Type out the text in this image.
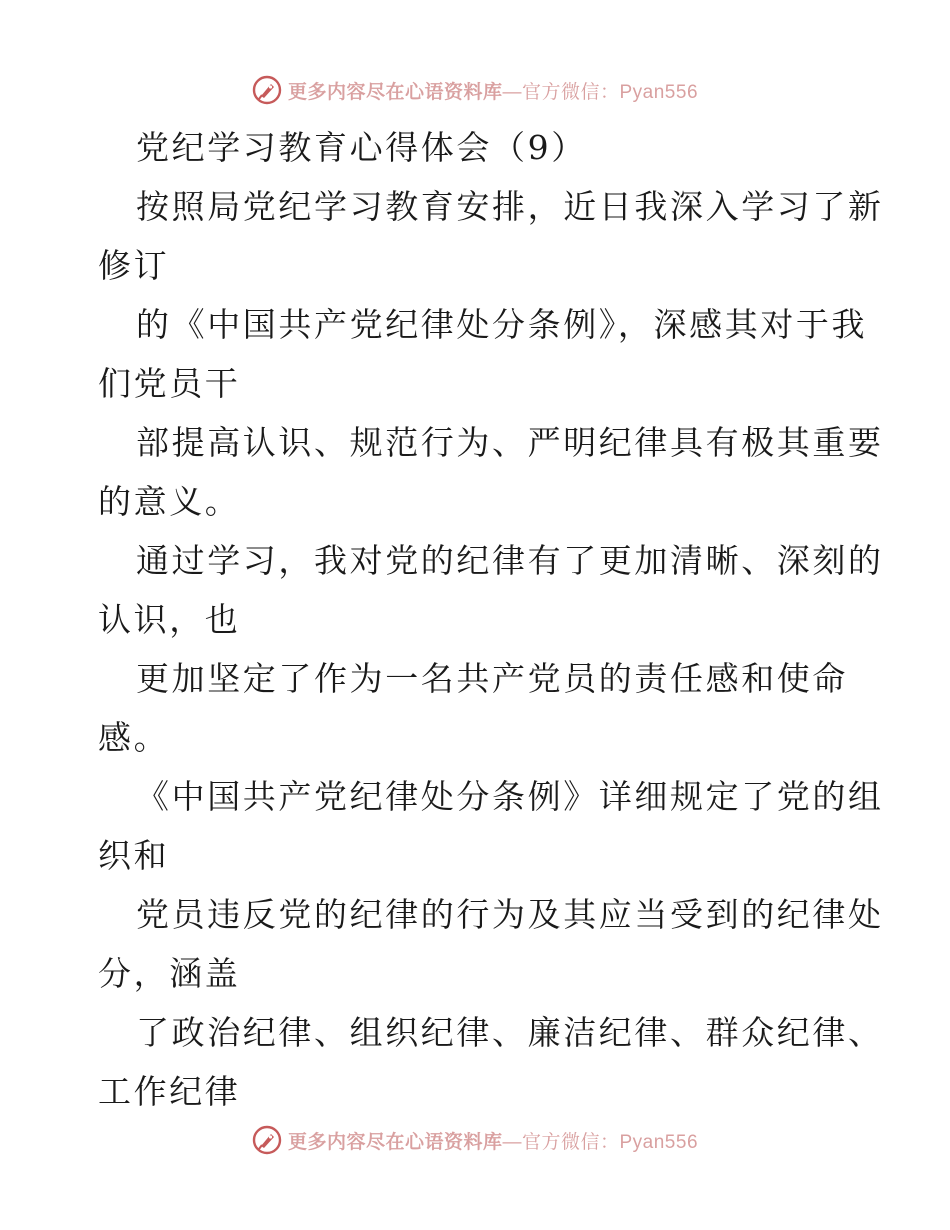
更多内容尽在心语资料库—官方微信：Pyan556
党纪学习教育心得体会（9）
按照局党纪学习教育安排，近日我深入学习了新
修订
的《中国共产党纪律处分条例》，深感其对于我
们党员干
部提高认识、规范行为、严明纪律具有极其重要
的意义。
通过学习，我对党的纪律有了更加清晰、深刻的
认识，也
更加坚定了作为一名共产党员的责任感和使命
感。
《中国共产党纪律处分条例》详细规定了党的组
织和
党员违反党的纪律的行为及其应当受到的纪律处
分，涵盖
了政治纪律、组织纪律、廉洁纪律、群众纪律、
工作纪律
更多内容尽在心语资料库—官方微信：Pyan556
